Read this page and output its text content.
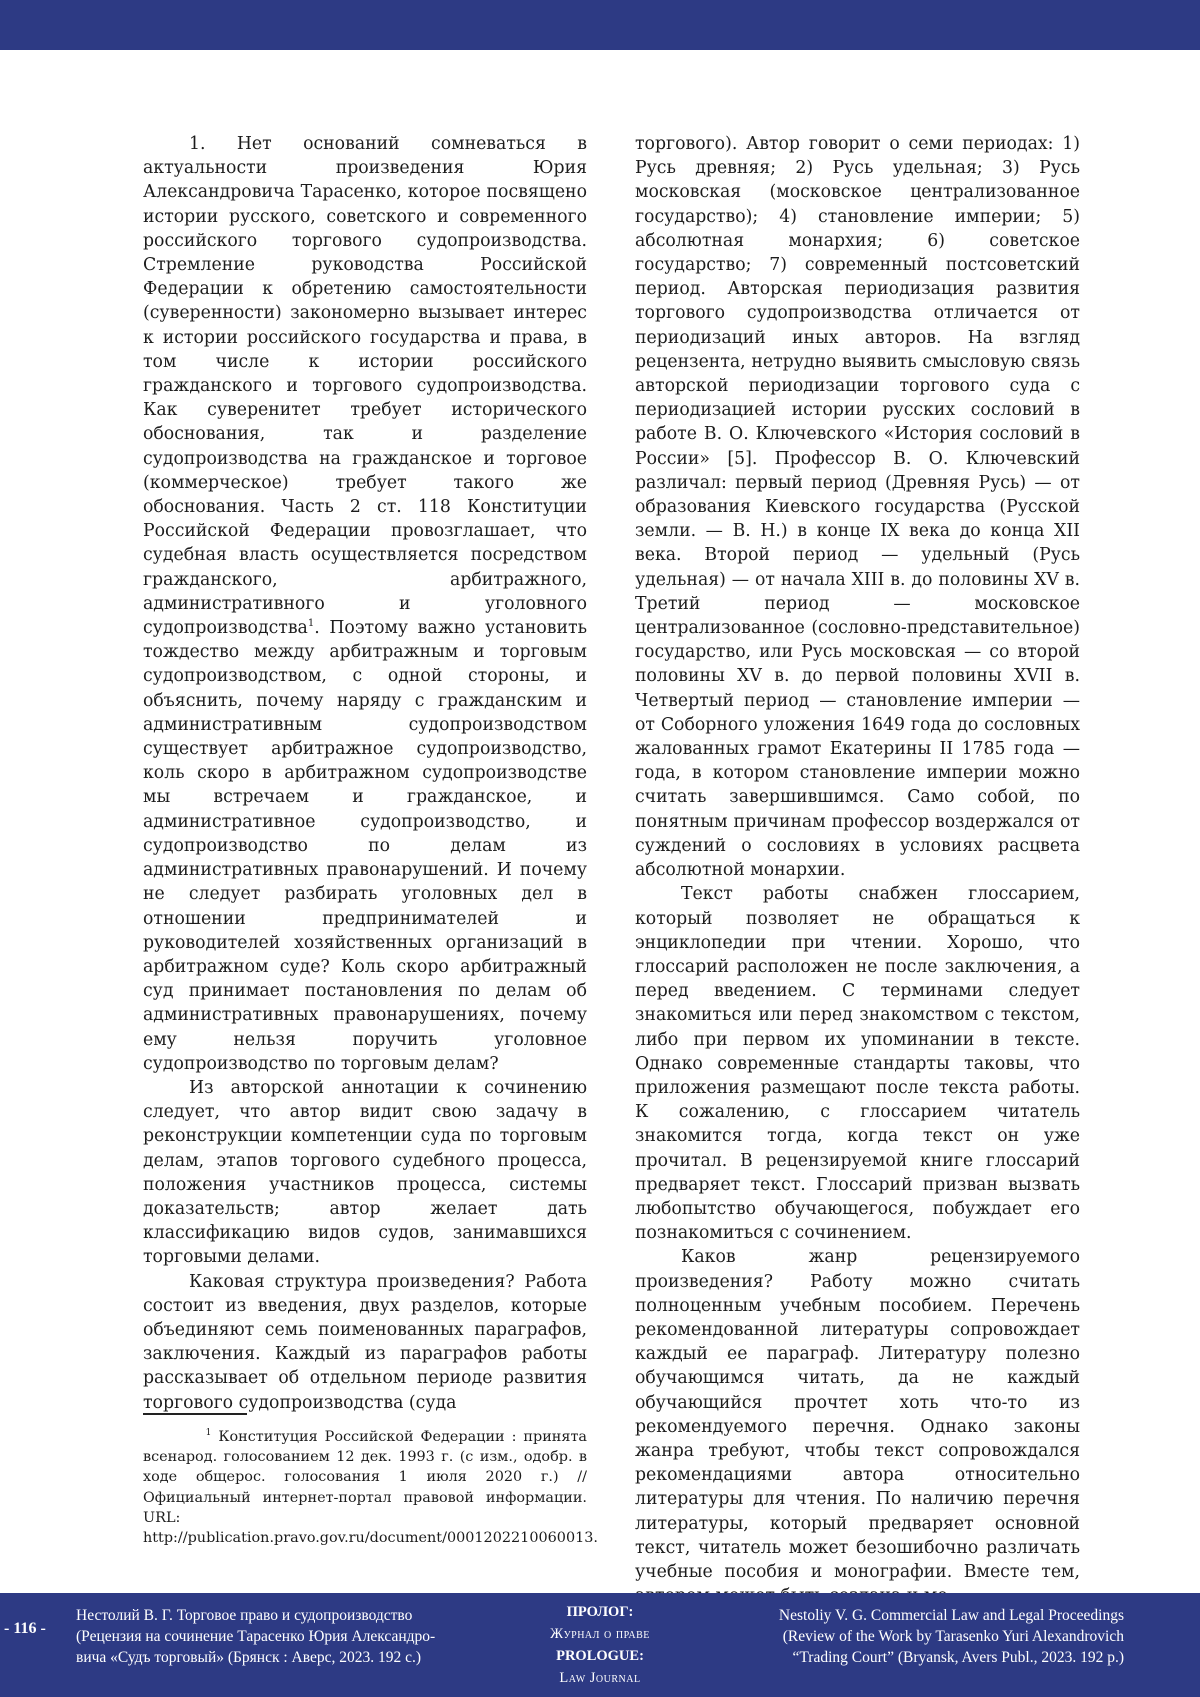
1. Нет оснований сомневаться в актуальности произведения Юрия Александровича Тарасенко, которое посвящено истории русского, советского и современного российского торгового судопроизводства. Стремление руководства Российской Федерации к обретению самостоятельности (суверенности) закономерно вызывает интерес к истории российского государства и права, в том числе к истории российского гражданского и торгового судопроизводства. Как суверенитет требует исторического обоснования, так и разделение судопроизводства на гражданское и торговое (коммерческое) требует такого же обоснования. Часть 2 ст. 118 Конституции Российской Федерации провозглашает, что судебная власть осуществляется посредством гражданского, арбитражного, административного и уголовного судопроизводства$^1$. Поэтому важно установить тождество между арбитражным и торговым судопроизводством, с одной стороны, и объяснить, почему наряду с гражданским и административным судопроизводством существует арбитражное судопроизводство, коль скоро в арбитражном судопроизводстве мы встречаем и гражданское, и административное судопроизводство, и судопроизводство по делам из административных правонарушений. И почему не следует разбирать уголовных дел в отношении предпринимателей и руководителей хозяйственных организаций в арбитражном суде? Коль скоро арбитражный суд принимает постановления по делам об административных правонарушениях, почему ему нельзя поручить уголовное судопроизводство по торговым делам?

Из авторской аннотации к сочинению следует, что автор видит свою задачу в реконструкции компетенции суда по торговым делам, этапов торгового судебного процесса, положения участников процесса, системы доказательств; автор желает дать классификацию видов судов, занимавшихся торговыми делами.

Каковая структура произведения? Работа состоит из введения, двух разделов, которые объединяют семь поименованных параграфов, заключения. Каждый из параграфов работы рассказывает об отдельном периоде развития торгового судопроизводства (суда

торгового). Автор говорит о семи периодах: 1) Русь древняя; 2) Русь удельная; 3) Русь московская (московское централизованное государство); 4) становление империи; 5) абсолютная монархия; 6) советское государство; 7) современный постсоветский период. Авторская периодизация развития торгового судопроизводства отличается от периодизаций иных авторов. На взгляд рецензента, нетрудно выявить смысловую связь авторской периодизации торгового суда с периодизацией истории русских сословий в работе В. О. Ключевского «История сословий в России» [5]. Профессор В. О. Ключевский различал: первый период (Древняя Русь) — от образования Киевского государства (Русской земли. — В. Н.) в конце IX века до конца XII века. Второй период — удельный (Русь удельная) — от начала XIII в. до половины XV в. Третий период — московское централизованное (сословно-представительное) государство, или Русь московская — со второй половины XV в. до первой половины XVII в. Четвертый период — становление империи — от Соборного уложения 1649 года до сословных жалованных грамот Екатерины II 1785 года — года, в котором становление империи можно считать завершившимся. Само собой, по понятным причинам профессор воздержался от суждений о сословиях в условиях расцвета абсолютной монархии.

Текст работы снабжен глоссарием, который позволяет не обращаться к энциклопедии при чтении. Хорошо, что глоссарий расположен не после заключения, а перед введением. С терминами следует знакомиться или перед знакомством с текстом, либо при первом их упоминании в тексте. Однако современные стандарты таковы, что приложения размещают после текста работы. К сожалению, с глоссарием читатель знакомится тогда, когда текст он уже прочитал. В рецензируемой книге глоссарий предваряет текст. Глоссарий призван вызвать любопытство обучающегося, побуждает его познакомиться с сочинением.

Каков жанр рецензируемого произведения? Работу можно считать полноценным учебным пособием. Перечень рекомендованной литературы сопровождает каждый ее параграф. Литературу полезно обучающимся читать, да не каждый обучающийся прочтет хоть что-то из рекомендуемого перечня. Однако законы жанра требуют, чтобы текст сопровождался рекомендациями автора относительно литературы для чтения. По наличию перечня литературы, который предваряет основной текст, читатель может безошибочно различать учебные пособия и монографии. Вместе тем,

$^1$ Конституция Российской Федерации : принята всенарод. голосованием 12 дек. 1993 г. (с изм., одобр. в ходе общерос. голосования 1 июля 2020 г.) // Официальный интернет-портал правовой информации. URL: http://publication.pravo.gov.ru/document/0001202210060013.

- 116 -
Нестолий В. Г. Торговое право и судопроизводство
(Рецензия на сочинение Тарасенко Юрия Александро-
вича «Судъ торговый» (Брянск : Аверс, 2023. 192 с.)
ПРОЛОГ:
Журнал о праве
PROLOGUE:
Law Journal
Nestoliy V. G. Commercial Law and Legal Proceedings
(Review of the Work by Tarasenko Yuri Alexandrovich
“Trading Court” (Bryansk, Avers Publ., 2023. 192 p.)
